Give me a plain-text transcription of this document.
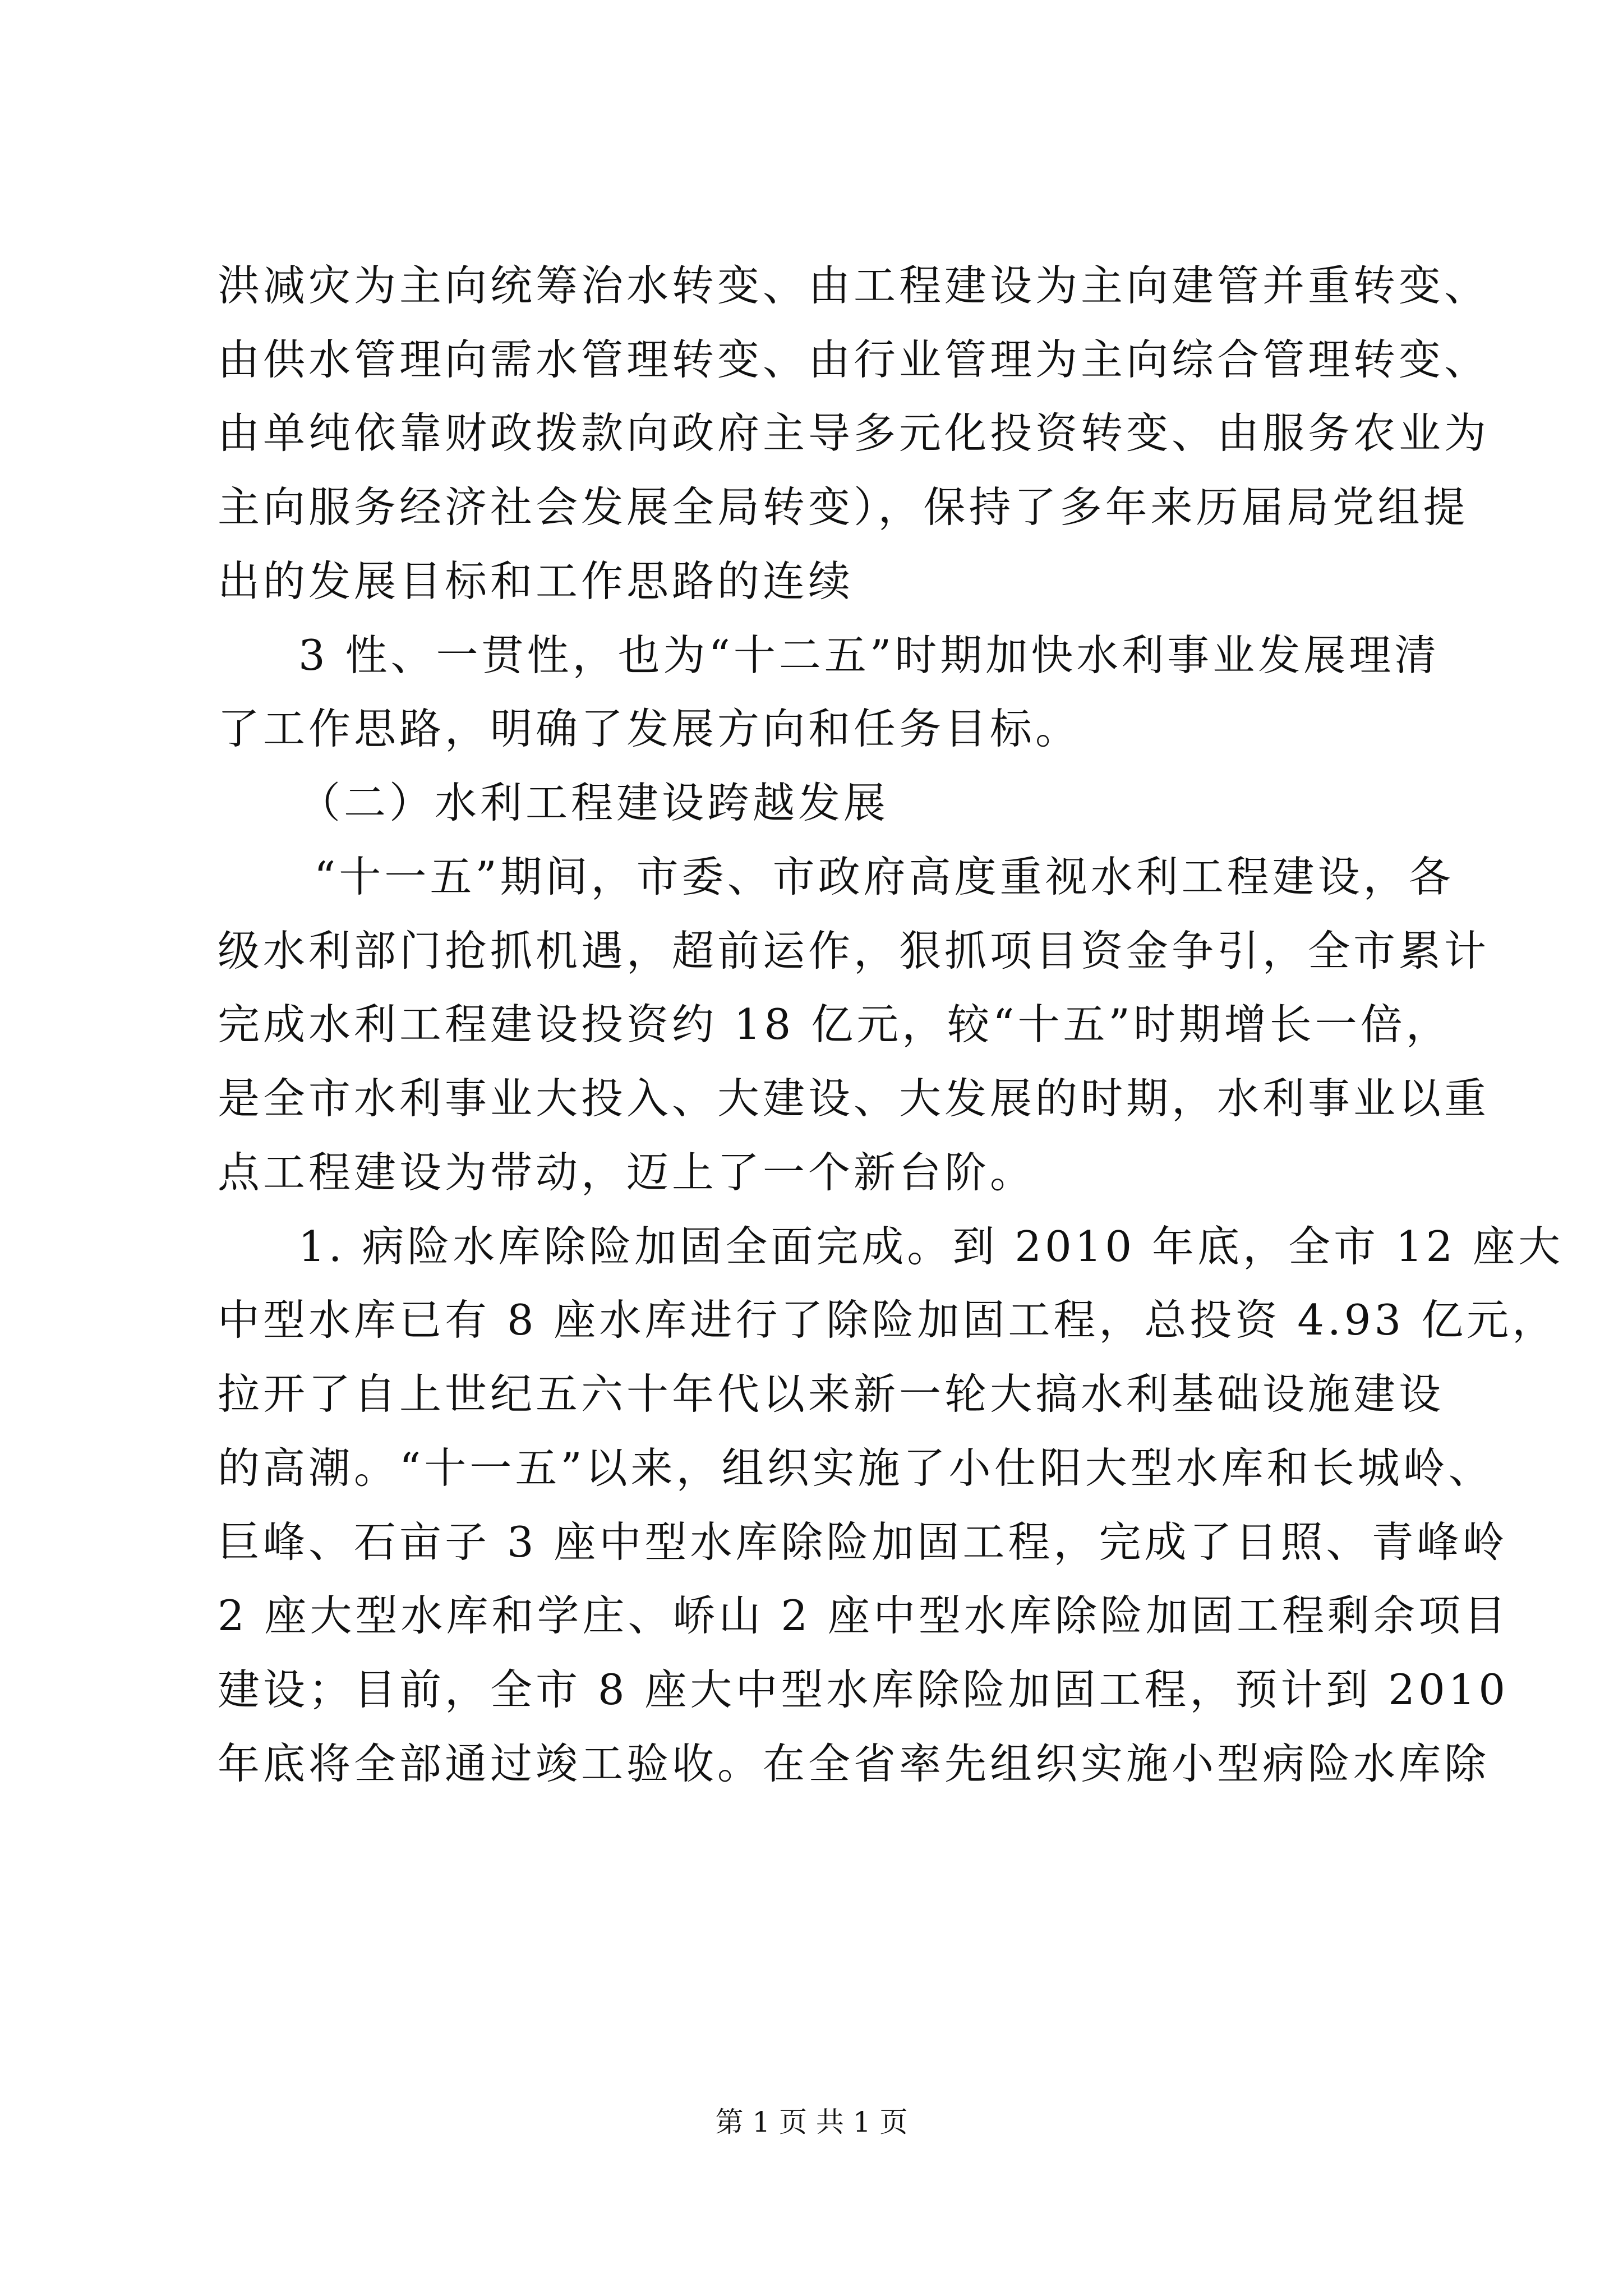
洪减灾为主向统筹治水转变、由工程建设为主向建管并重转变、
由供水管理向需水管理转变、由行业管理为主向综合管理转变、
由单纯依靠财政拨款向政府主导多元化投资转变、由服务农业为
主向服务经济社会发展全局转变），保持了多年来历届局党组提
出的发展目标和工作思路的连续
3 性、一贯性，也为“十二五”时期加快水利事业发展理清
了工作思路，明确了发展方向和任务目标。
（二）水利工程建设跨越发展
“十一五”期间，市委、市政府高度重视水利工程建设，各
级水利部门抢抓机遇，超前运作，狠抓项目资金争引，全市累计
完成水利工程建设投资约 18 亿元，较“十五”时期增长一倍，
是全市水利事业大投入、大建设、大发展的时期，水利事业以重
点工程建设为带动，迈上了一个新台阶。
1. 病险水库除险加固全面完成。到 2010 年底，全市 12 座大
中型水库已有 8 座水库进行了除险加固工程，总投资 4.93 亿元，
拉开了自上世纪五六十年代以来新一轮大搞水利基础设施建设
的高潮。“十一五”以来，组织实施了小仕阳大型水库和长城岭、
巨峰、石亩子 3 座中型水库除险加固工程，完成了日照、青峰岭
2 座大型水库和学庄、峤山 2 座中型水库除险加固工程剩余项目
建设；目前，全市 8 座大中型水库除险加固工程，预计到 2010
年底将全部通过竣工验收。在全省率先组织实施小型病险水库除
第 1 页 共 1 页
